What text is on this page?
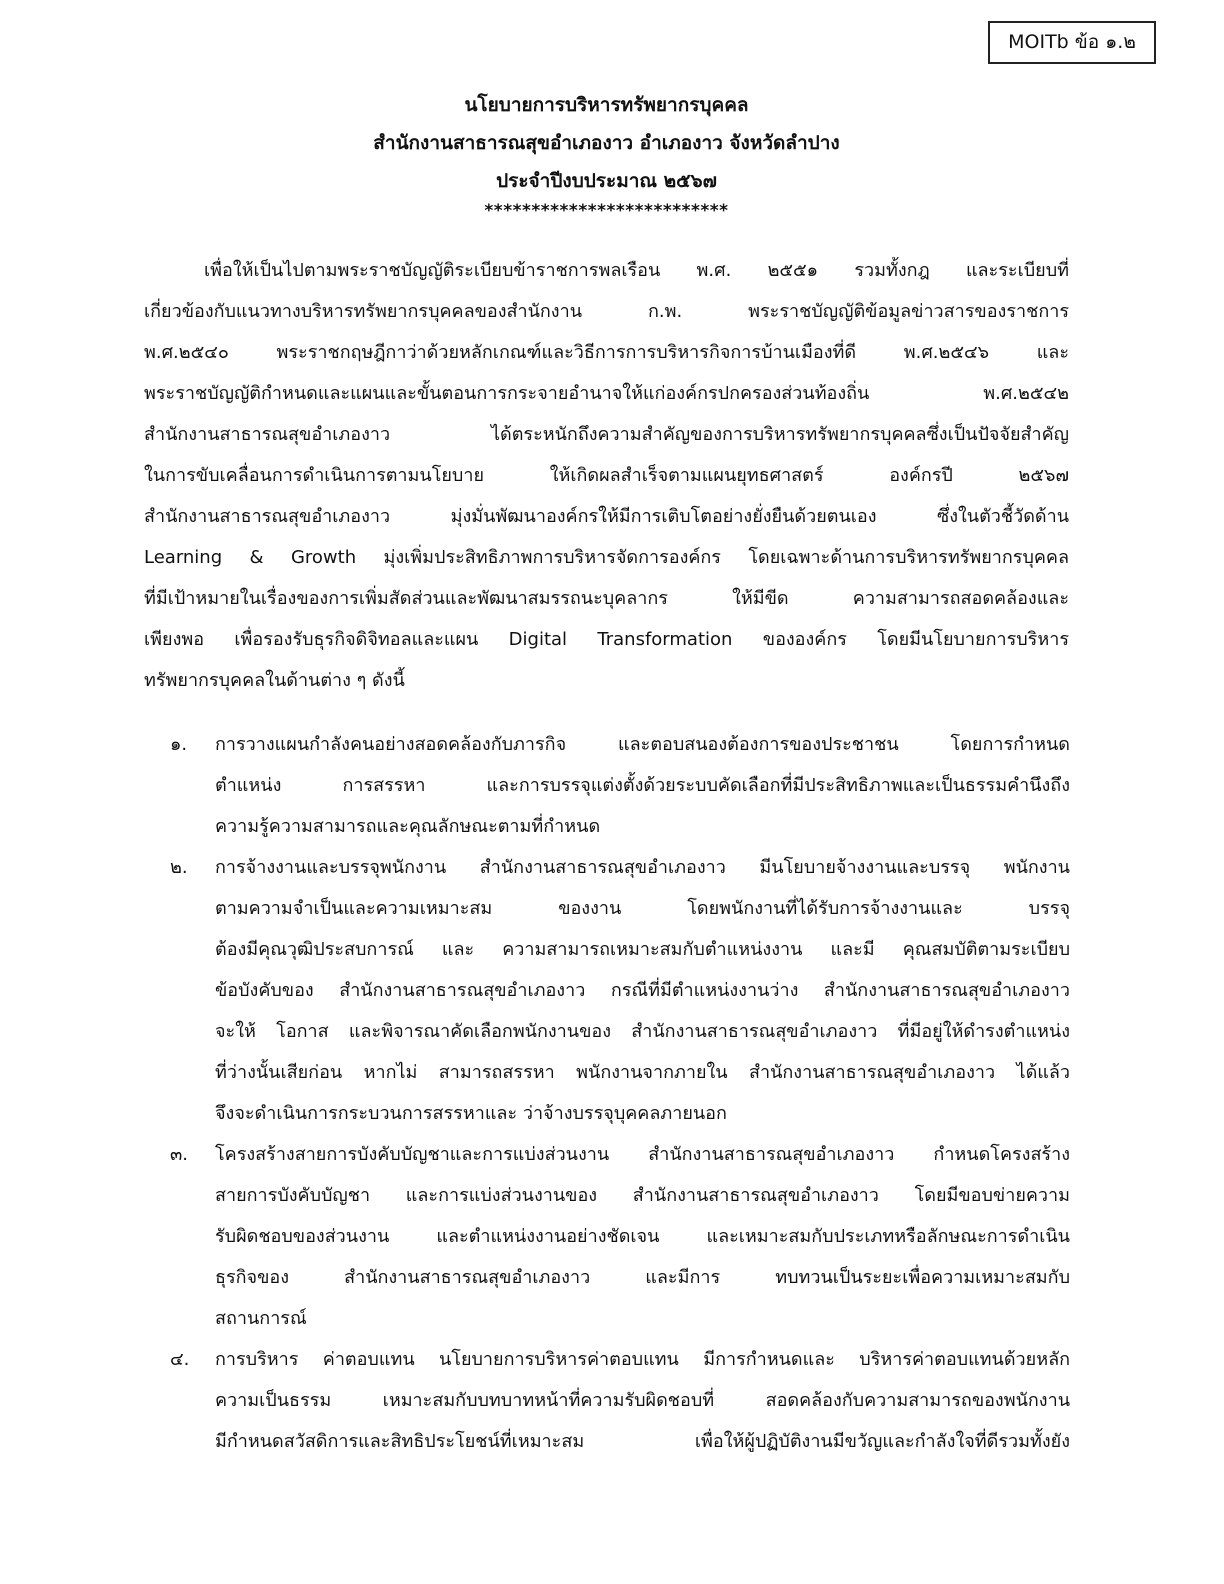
MOITb ข้อ ๑.๒
นโยบายการบริหารทรัพยากรบุคคล
สำนักงานสาธารณสุขอำเภองาว อำเภองาว จังหวัดลำปาง
ประจำปีงบประมาณ ๒๕๖๗
**************************

เพื่อให้เป็นไปตามพระราชบัญญัติระเบียบข้าราชการพลเรือน พ.ศ. ๒๕๕๑ รวมทั้งกฎ และระเบียบที่
เกี่ยวข้องกับแนวทางบริหารทรัพยากรบุคคลของสำนักงาน ก.พ. พระราชบัญญัติข้อมูลข่าวสารของราชการ
พ.ศ.๒๕๔๐ พระราชกฤษฎีกาว่าด้วยหลักเกณฑ์และวิธีการการบริหารกิจการบ้านเมืองที่ดี พ.ศ.๒๕๔๖ และ
พระราชบัญญัติกำหนดและแผนและขั้นตอนการกระจายอำนาจให้แก่องค์กรปกครองส่วนท้องถิ่น พ.ศ.๒๕๔๒
สำนักงานสาธารณสุขอำเภองาว ได้ตระหนักถึงความสำคัญของการบริหารทรัพยากรบุคคลซึ่งเป็นปัจจัยสำคัญ
ในการขับเคลื่อนการดำเนินการตามนโยบาย ให้เกิดผลสำเร็จตามแผนยุทธศาสตร์ องค์กรปี ๒๕๖๗
สำนักงานสาธารณสุขอำเภองาว มุ่งมั่นพัฒนาองค์กรให้มีการเติบโตอย่างยั่งยืนด้วยตนเอง ซึ่งในตัวชี้วัดด้าน
Learning & Growth มุ่งเพิ่มประสิทธิภาพการบริหารจัดการองค์กร โดยเฉพาะด้านการบริหารทรัพยากรบุคคล
ที่มีเป้าหมายในเรื่องของการเพิ่มสัดส่วนและพัฒนาสมรรถนะบุคลากร ให้มีขีด ความสามารถสอดคล้องและ
เพียงพอ เพื่อรองรับธุรกิจดิจิทอลและแผน Digital Transformation ขององค์กร โดยมีนโยบายการบริหาร
ทรัพยากรบุคคลในด้านต่าง ๆ ดังนี้

๑. การวางแผนกำลังคนอย่างสอดคล้องกับภารกิจ และตอบสนองต้องการของประชาชน โดยการกำหนด
ตำแหน่ง การสรรหา และการบรรจุแต่งตั้งด้วยระบบคัดเลือกที่มีประสิทธิภาพและเป็นธรรมคำนึงถึง
ความรู้ความสามารถและคุณลักษณะตามที่กำหนด
๒. การจ้างงานและบรรจุพนักงาน สำนักงานสาธารณสุขอำเภองาว มีนโยบายจ้างงานและบรรจุ พนักงาน
ตามความจำเป็นและความเหมาะสม ของงาน โดยพนักงานที่ได้รับการจ้างงานและ บรรจุ
ต้องมีคุณวุฒิประสบการณ์ และ ความสามารถเหมาะสมกับตำแหน่งงาน และมี คุณสมบัติตามระเบียบ
ข้อบังคับของ สำนักงานสาธารณสุขอำเภองาว กรณีที่มีตำแหน่งงานว่าง สำนักงานสาธารณสุขอำเภองาว
จะให้ โอกาส และพิจารณาคัดเลือกพนักงานของ สำนักงานสาธารณสุขอำเภองาว ที่มีอยู่ให้ดำรงตำแหน่ง
ที่ว่างนั้นเสียก่อน หากไม่ สามารถสรรหา พนักงานจากภายใน สำนักงานสาธารณสุขอำเภองาว ได้แล้ว
จึงจะดำเนินการกระบวนการสรรหาและ ว่าจ้างบรรจุบุคคลภายนอก
๓. โครงสร้างสายการบังคับบัญชาและการแบ่งส่วนงาน สำนักงานสาธารณสุขอำเภองาว กำหนดโครงสร้าง
สายการบังคับบัญชา และการแบ่งส่วนงานของ สำนักงานสาธารณสุขอำเภองาว โดยมีขอบข่ายความ
รับผิดชอบของส่วนงาน และตำแหน่งงานอย่างชัดเจน และเหมาะสมกับประเภทหรือลักษณะการดำเนิน
ธุรกิจของ สำนักงานสาธารณสุขอำเภองาว และมีการ ทบทวนเป็นระยะเพื่อความเหมาะสมกับ
สถานการณ์
๔. การบริหาร ค่าตอบแทน นโยบายการบริหารค่าตอบแทน มีการกำหนดและ บริหารค่าตอบแทนด้วยหลัก
ความเป็นธรรม เหมาะสมกับบทบาทหน้าที่ความรับผิดชอบที่ สอดคล้องกับความสามารถของพนักงาน
มีกำหนดสวัสดิการและสิทธิประโยชน์ที่เหมาะสม เพื่อให้ผู้ปฏิบัติงานมีขวัญและกำลังใจที่ดีรวมทั้งยัง
